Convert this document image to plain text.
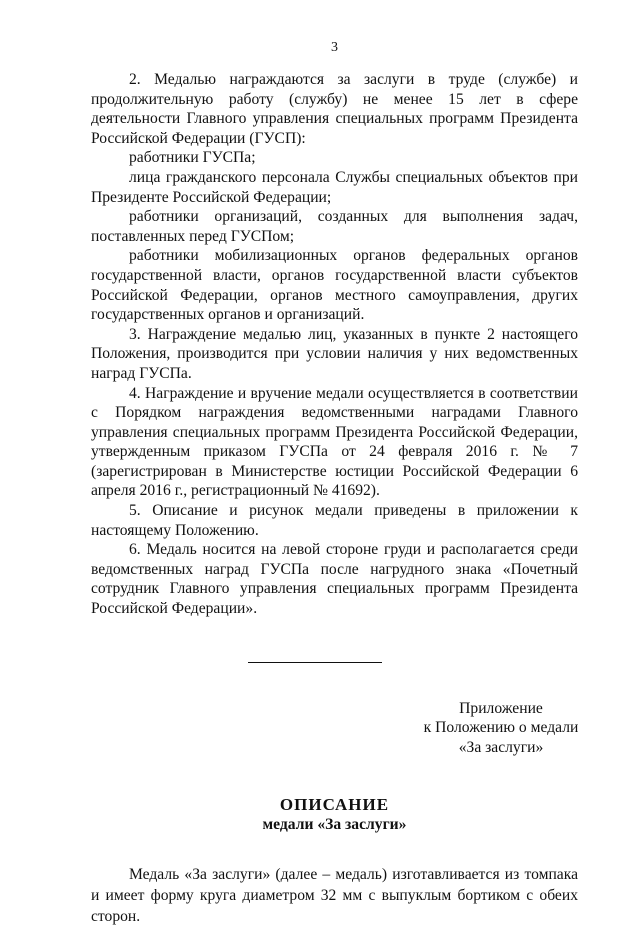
3

2. Медалью награждаются за заслуги в труде (службе) и продолжительную работу (службу) не менее 15 лет в сфере деятельности Главного управления специальных программ Президента Российской Федерации (ГУСП):

работники ГУСПа;

лица гражданского персонала Службы специальных объектов при Президенте Российской Федерации;

работники организаций, созданных для выполнения задач, поставленных перед ГУСПом;

работники мобилизационных органов федеральных органов государственной власти, органов государственной власти субъектов Российской Федерации, органов местного самоуправления, других государственных органов и организаций.

3. Награждение медалью лиц, указанных в пункте 2 настоящего Положения, производится при условии наличия у них ведомственных наград ГУСПа.

4. Награждение и вручение медали осуществляется в соответствии с Порядком награждения ведомственными наградами Главного управления специальных программ Президента Российской Федерации, утвержденным приказом ГУСПа от 24 февраля 2016 г. № 7 (зарегистрирован в Министерстве юстиции Российской Федерации 6 апреля 2016 г., регистрационный № 41692).

5. Описание и рисунок медали приведены в приложении к настоящему Положению.

6. Медаль носится на левой стороне груди и располагается среди ведомственных наград ГУСПа после нагрудного знака «Почетный сотрудник Главного управления специальных программ Президента Российской Федерации».

Приложение
к Положению о медали
«За заслуги»
ОПИСАНИЕ
медали «За заслуги»

Медаль «За заслуги» (далее – медаль) изготавливается из томпака и имеет форму круга диаметром 32 мм с выпуклым бортиком с обеих сторон.
